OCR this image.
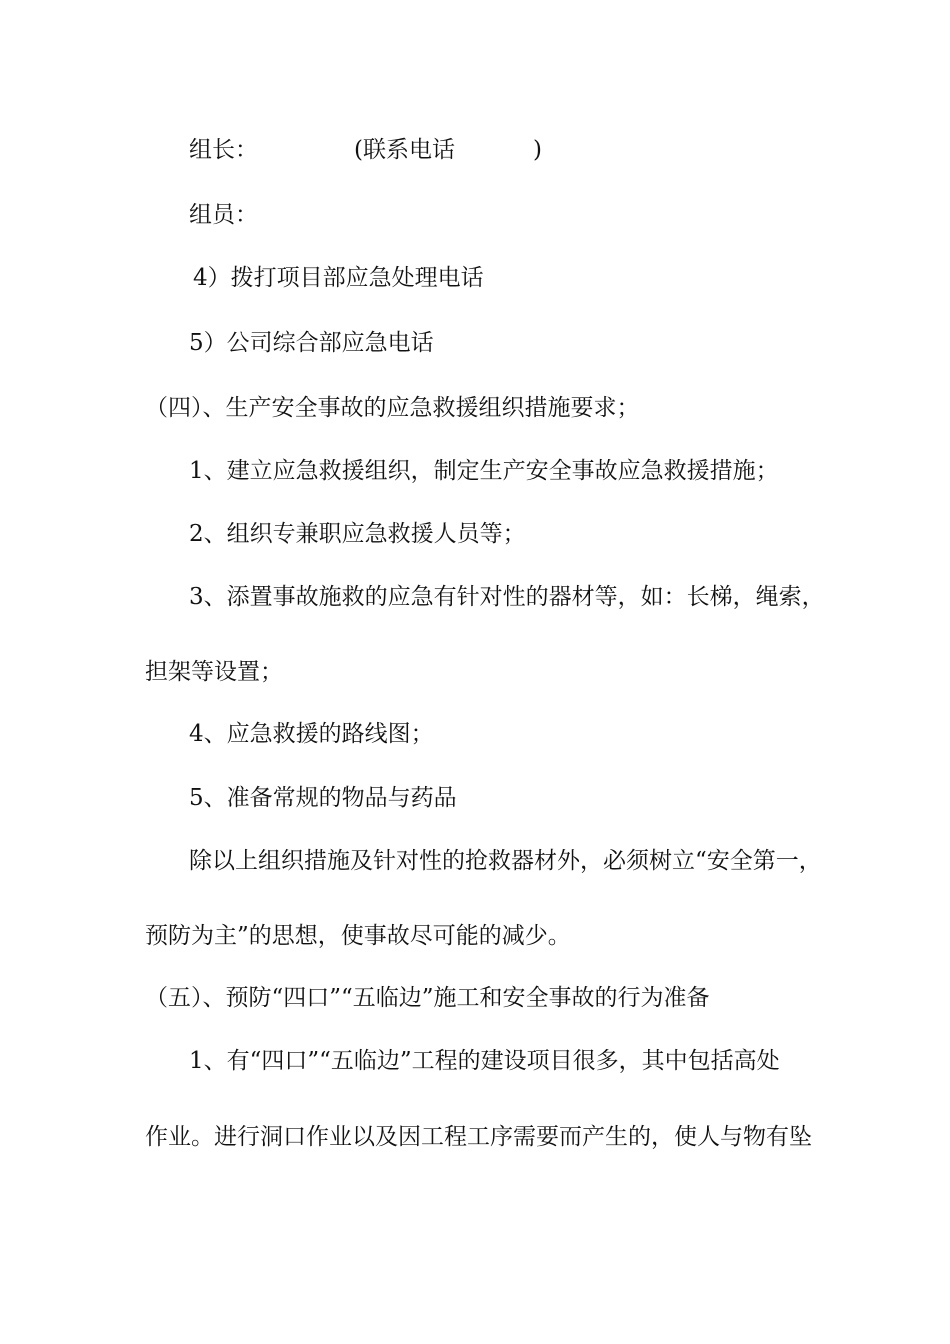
组长：	(联系电话	)
组员：
4）拨打项目部应急处理电话
5）公司综合部应急电话
（四）、生产安全事故的应急救援组织措施要求；
1、建立应急救援组织，制定生产安全事故应急救援措施；
2、组织专兼职应急救援人员等；
3、添置事故施救的应急有针对性的器材等，如：长梯，绳索，
担架等设置；
4、应急救援的路线图；
5、准备常规的物品与药品
除以上组织措施及针对性的抢救器材外，必须树立“安全第一，
预防为主”的思想，使事故尽可能的减少。
（五）、预防“四口”“五临边”施工和安全事故的行为准备
1、有“四口”“五临边”工程的建设项目很多，其中包括高处
作业。进行洞口作业以及因工程工序需要而产生的，使人与物有坠
